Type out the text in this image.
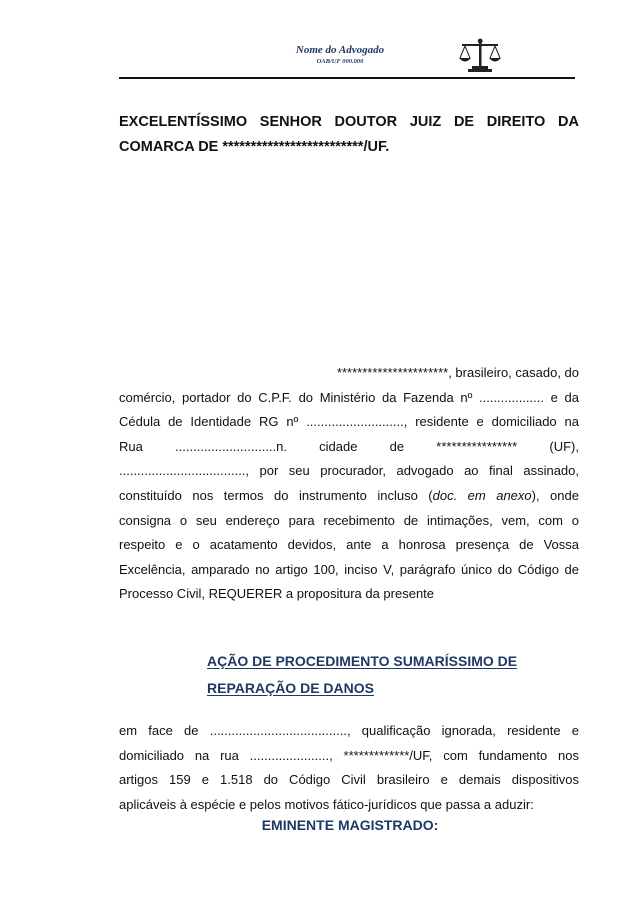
Nome do Advogado
OAB/UF 000.000
EXCELENTÍSSIMO SENHOR DOUTOR JUIZ DE DIREITO DA
COMARCA DE *************************/UF.
**********************, brasileiro, casado, do
comércio, portador do C.P.F. do Ministério da Fazenda nº .................. e da
Cédula de Identidade RG nº ..........................., residente e domiciliado na
Rua ............................n. cidade de **************** (UF),
..................................., por seu procurador, advogado ao final assinado,
constituído nos termos do instrumento incluso (doc. em anexo), onde
consigna o seu endereço para recebimento de intimações, vem, com o
respeito e o acatamento devidos, ante a honrosa presença de Vossa
Excelência, amparado no artigo 100, inciso V, parágrafo único do Código de
Processo Civil, REQUERER a propositura da presente
AÇÃO DE PROCEDIMENTO SUMARÍSSIMO DE
REPARAÇÃO DE DANOS
em face de ......................................, qualificação ignorada, residente e
domiciliado na rua ......................, *************/UF, com fundamento nos
artigos 159 e 1.518 do Código Civil brasileiro e demais dispositivos
aplicáveis à espécie e pelos motivos fático-jurídicos que passa a aduzir:
EMINENTE MAGISTRADO:
